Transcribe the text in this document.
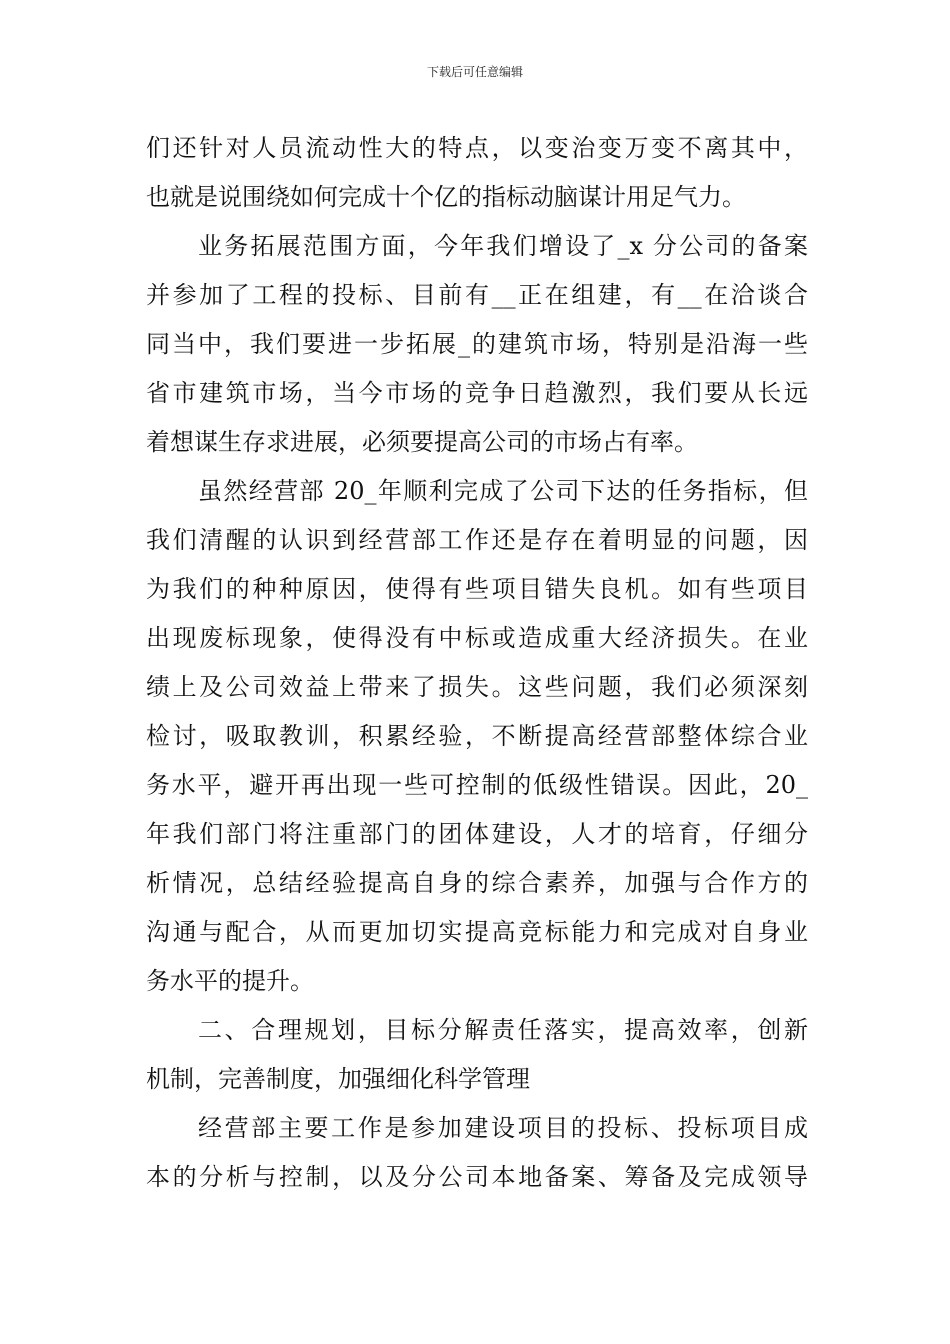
下载后可任意编辑
们还针对人员流动性大的特点，以变治变万变不离其中，
也就是说围绕如何完成十个亿的指标动脑谋计用足气力。
业务拓展范围方面，今年我们增设了_x 分公司的备案
并参加了工程的投标、目前有__正在组建，有__在洽谈合
同当中，我们要进一步拓展_的建筑市场，特别是沿海一些
省市建筑市场，当今市场的竞争日趋激烈，我们要从长远
着想谋生存求进展，必须要提高公司的市场占有率。
虽然经营部 20_年顺利完成了公司下达的任务指标，但
我们清醒的认识到经营部工作还是存在着明显的问题，因
为我们的种种原因，使得有些项目错失良机。如有些项目
出现废标现象，使得没有中标或造成重大经济损失。在业
绩上及公司效益上带来了损失。这些问题，我们必须深刻
检讨，吸取教训，积累经验，不断提高经营部整体综合业
务水平，避开再出现一些可控制的低级性错误。因此，20_
年我们部门将注重部门的团体建设，人才的培育，仔细分
析情况，总结经验提高自身的综合素养，加强与合作方的
沟通与配合，从而更加切实提高竞标能力和完成对自身业
务水平的提升。
二、合理规划，目标分解责任落实，提高效率，创新
机制，完善制度，加强细化科学管理
经营部主要工作是参加建设项目的投标、投标项目成
本的分析与控制，以及分公司本地备案、筹备及完成领导
